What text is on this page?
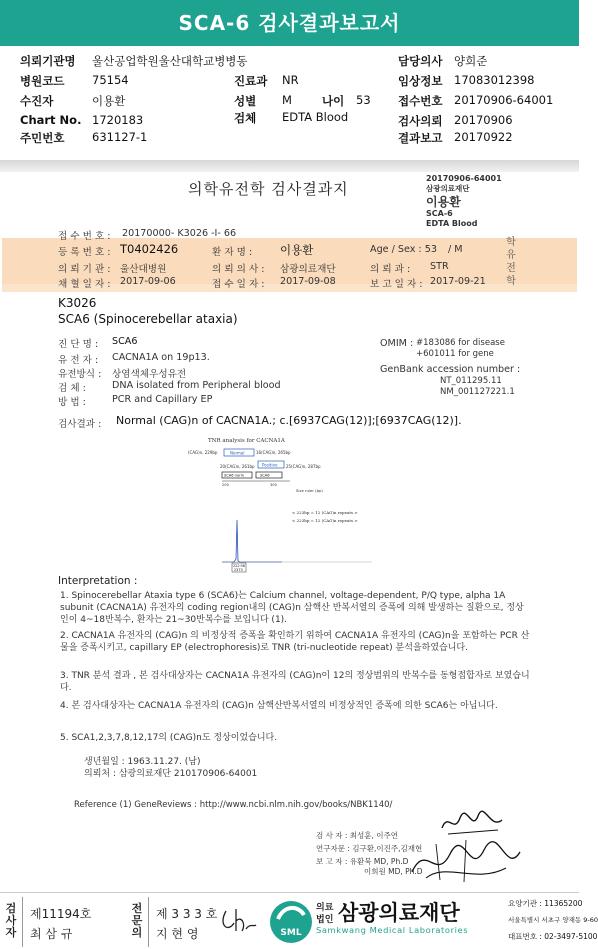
SCA-6 검사결과보고서
의뢰기관명 울산공업학원울산대학교병병동
병원코드 75154
수진자	이용환
Chart No. 1720183
주민번호 631127-1
진료과 NR
성별 M	나이 53
검체 EDTA Blood
담당의사 양희준
임상정보 17083012398
접수번호 20170906-64001
검사의뢰 20170906
결과보고 20170922
의학유전학 검사결과지
20170906-64001
삼광의료재단
이용환
SCA-6
EDTA Blood
접 수 번 호 : 20170000- K3026 -I- 66
등 록 번 호 : T0402426	환 자 명 : 이용환	Age / Sex : 53 / M
의 뢰 기 관 : 울산대병원	의 뢰 의 사 : 삼광의료재단	의 뢰 과 : STR
채 혈 일 자 : 2017-09-06	접 수 일 자 : 2017-09-08	보 고 일 자 : 2017-09-21
학 유 전 학
K3026
SCA6 (Spinocerebellar ataxia)
진 단 명 : SCA6
유 전 자 : CACNA1A on 19p13.
유전방식 : 상염색체우성유전
검 체 :	DNA isolated from Peripheral blood
방 법 :	PCR and Capillary EP
OMIM : #183086 for disease
+601011 for gene
GenBank accession number :
NT_011295.11
NM_001127221.1
검사결과 : Normal (CAG)n of CACNA1A.; c.[6937CAG(12)];[6937CAG(12)].
TNR analysis for CACNA1A
(CAG)n, 229bp	Normal	16(CAG)n, 265bp
20(CAG)n, 261bp Positive 25(CAG)n, 287bp
SCA6 norm	SCA6
200	300
Size ruler (bp)
< 223bp = 12 (CAG)n repeats >
< 223bp = 12 (CAG)n repeats >
222.98
2373
Interpretation :

1. Spinocerebellar Ataxia type 6 (SCA6)는 Calcium channel, voltage-dependent, P/Q type, alpha 1A subunit (CACNA1A) 유전자의 coding region내의 (CAG)n 삼핵산 반복서열의 증폭에 의해 발생하는 질환으로, 정상인이 4~18반복수, 환자는 21~30반복수를 보입니다 (1).

2. CACNA1A 유전자의 (CAG)n 의 비정상적 증폭을 확인하기 위하여 CACNA1A 유전자의 (CAG)n을 포함하는 PCR 산물을 증폭시키고, capillary EP (electrophoresis)로 TNR (tri-nucleotide repeat) 분석을하였습니다.

3. TNR 분석 결과 , 본 검사대상자는 CACNA1A 유전자의 (CAG)n이 12의 정상범위의 반복수를 동형접합자로 보였습니다.

4. 본 검사대상자는 CACNA1A 유전자의 (CAG)n 삼핵산반복서열의 비정상적인 증폭에 의한 SCA6는 아닙니다.

5. SCA1,2,3,7,8,12,17의 (CAG)n도 정상이었습니다.

생년월일 : 1963.11.27. (남)
의뢰처 : 삼광의료재단 210170906-64001
Reference (1) GeneReviews : http://www.ncbi.nlm.nih.gov/books/NBK1140/
검 사 자 : 최성훈, 이주연
연구자문 : 김구환,이진주,김재현
보 고 자 : 유환묵 MD, Ph.D
이희원 MD, Ph.D
검사자
제11194호
최 삼 규
전문의
제 3 3 3 호
지 현 영	SML
의료
법인 삼광의료재단
Samkwang Medical Laboratories
요양기관 : 11365200
서울특별시 서초구 양재동 9-60
대표번호 : 02-3497-5100
